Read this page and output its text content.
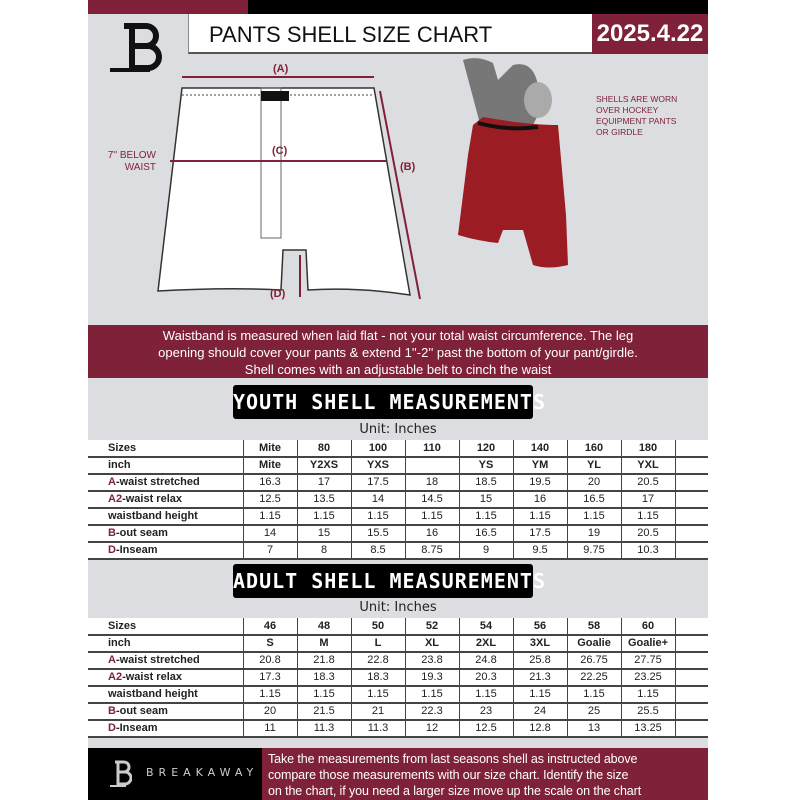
PANTS SHELL SIZE CHART	2025.4.22
(A)
(C)
(B)
(D)
7'' BELOW
WAIST
SHELLS ARE WORN
OVER HOCKEY
EQUIPMENT PANTS
OR GIRDLE
Waistband is measured when laid flat - not your total waist circumference. The leg
opening should cover your pants & extend 1''-2'' past the bottom of your pant/girdle.
Shell comes with an adjustable belt to cinch the waist
YOUTH SHELL MEASUREMENTS
Unit: Inches
Sizes	Mite	80	100	110	120	140	160	180	
inch	Mite	Y2XS	YXS		YS	YM	YL	YXL	
A-waist stretched	16.3	17	17.5	18	18.5	19.5	20	20.5	
A2-waist relax	12.5	13.5	14	14.5	15	16	16.5	17	
waistband height	1.15	1.15	1.15	1.15	1.15	1.15	1.15	1.15	
B-out seam	14	15	15.5	16	16.5	17.5	19	20.5	
D-Inseam	7	8	8.5	8.75	9	9.5	9.75	10.3	
ADULT SHELL MEASUREMENTS
Unit: Inches
Sizes	46	48	50	52	54	56	58	60	
inch	S	M	L	XL	2XL	3XL	Goalie	Goalie+	
A-waist stretched	20.8	21.8	22.8	23.8	24.8	25.8	26.75	27.75	
A2-waist relax	17.3	18.3	18.3	19.3	20.3	21.3	22.25	23.25	
waistband height	1.15	1.15	1.15	1.15	1.15	1.15	1.15	1.15	
B-out seam	20	21.5	21	22.3	23	24	25	25.5	
D-Inseam	11	11.3	11.3	12	12.5	12.8	13	13.25	
BREAKAWAY
Take the measurements from last seasons shell as instructed above
compare those measurements with our size chart. Identify the size
on the chart, if you need a larger size move up the scale on the chart
